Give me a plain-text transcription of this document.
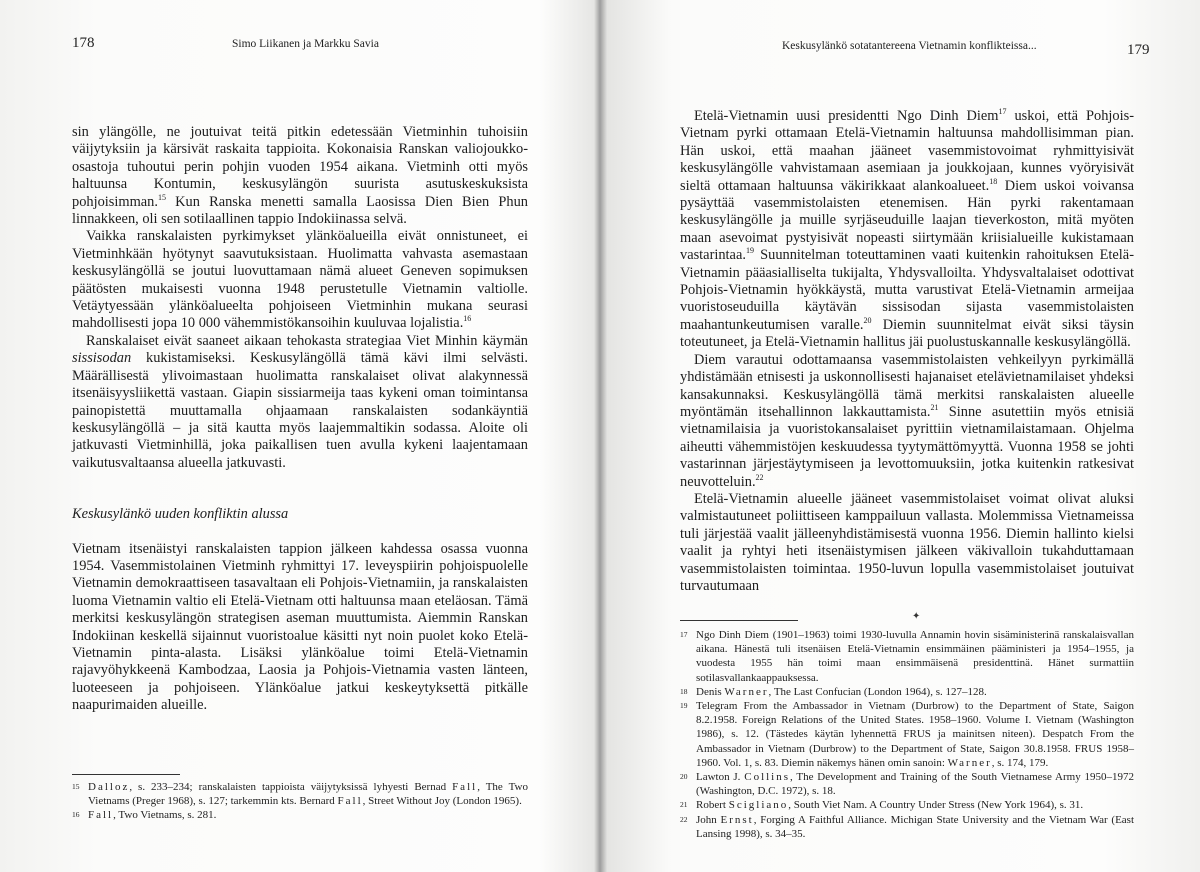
178	Simo Liikanen ja Markku Savia

sin ylängölle, ne joutuivat teitä pitkin edetessään Vietminhin tuhoisiin väijytyksiin ja kärsivät raskaita tappioita. Kokonaisia Ranskan valiojoukko-osastoja tuhoutui perin pohjin vuoden 1954 aikana. Vietminh otti myös haltuunsa Kontumin, keskusylängön suurista asutuskeskuksista pohjoisimman.$^{15}$ Kun Ranska menetti samalla Laosissa Dien Bien Phun linnakkeen, oli sen sotilaallinen tappio Indokiinassa selvä.

Vaikka ranskalaisten pyrkimykset ylänköalueilla eivät onnistuneet, ei Vietminhkään hyötynyt saavutuksistaan. Huolimatta vahvasta asemastaan keskusylängöllä se joutui luovuttamaan nämä alueet Geneven sopimuksen päätösten mukaisesti vuonna 1948 perustetulle Vietnamin valtiolle. Vetäytyessään ylänköalueelta pohjoiseen Vietminhin mukana seurasi mahdollisesti jopa 10 000 vähemmistökansoihin kuuluvaa lojalistia.$^{16}$

Ranskalaiset eivät saaneet aikaan tehokasta strategiaa Viet Minhin käymän sissisodan kukistamiseksi. Keskusylängöllä tämä kävi ilmi selvästi. Määrällisestä ylivoimastaan huolimatta ranskalaiset olivat alakynnessä itsenäisyysliikettä vastaan. Giapin sissiarmeija taas kykeni oman toimintansa painopistettä muuttamalla ohjaamaan ranskalaisten sodankäyntiä keskusylängöllä – ja sitä kautta myös laajemmaltikin sodassa. Aloite oli jatkuvasti Vietminhillä, joka paikallisen tuen avulla kykeni laajentamaan vaikutusvaltaansa alueella jatkuvasti.

Keskusylänkö uuden konfliktin alussa

Vietnam itsenäistyi ranskalaisten tappion jälkeen kahdessa osassa vuonna 1954. Vasemmistolainen Vietminh ryhmittyi 17. leveyspiirin pohjoispuolelle Vietnamin demokraattiseen tasavaltaan eli Pohjois-Vietnamiin, ja ranskalaisten luoma Vietnamin valtio eli Etelä-Vietnam otti haltuunsa maan eteläosan. Tämä merkitsi keskusylängön strategisen aseman muuttumista. Aiemmin Ranskan Indokiinan keskellä sijainnut vuoristoalue käsitti nyt noin puolet koko Etelä-Vietnamin pinta-alasta. Lisäksi ylänköalue toimi Etelä-Vietnamin rajavyöhykkeenä Kambodzaa, Laosia ja Pohjois-Vietnamia vasten länteen, luoteeseen ja pohjoiseen. Ylänköalue jatkui keskeytyksettä pitkälle naapurimaiden alueille.

15 Dalloz, s. 233–234; ranskalaisten tappioista väijytyksissä lyhyesti Bernad Fall, The Two Vietnams (Preger 1968), s. 127; tarkemmin kts. Bernard Fall, Street Without Joy (London 1965).
16 Fall, Two Vietnams, s. 281.
Keskusylänkö sotatantereena Vietnamin konflikteissa...	179

Etelä-Vietnamin uusi presidentti Ngo Dinh Diem$^{17}$ uskoi, että Pohjois-Vietnam pyrki ottamaan Etelä-Vietnamin haltuunsa mahdollisimman pian. Hän uskoi, että maahan jääneet vasemmistovoimat ryhmittyisivät keskusylängölle vahvistamaan asemiaan ja joukkojaan, kunnes vyöryisivät sieltä ottamaan haltuunsa väkirikkaat alankoalueet.$^{18}$ Diem uskoi voivansa pysäyttää vasemmistolaisten etenemisen. Hän pyrki rakentamaan keskusylängölle ja muille syrjäseuduille laajan tieverkoston, mitä myöten maan asevoimat pystyisivät nopeasti siirtymään kriisialueille kukistamaan vastarintaa.$^{19}$ Suunnitelman toteuttaminen vaati kuitenkin rahoituksen Etelä-Vietnamin pääasialliselta tukijalta, Yhdysvalloilta. Yhdysvaltalaiset odottivat Pohjois-Vietnamin hyökkäystä, mutta varustivat Etelä-Vietnamin armeijaa vuoristoseuduilla käytävän sissisodan sijasta vasemmistolaisten maahantunkeutumisen varalle.$^{20}$ Diemin suunnitelmat eivät siksi täysin toteutuneet, ja Etelä-Vietnamin hallitus jäi puolustuskannalle keskusylängöllä.

Diem varautui odottamaansa vasemmistolaisten vehkeilyyn pyrkimällä yhdistämään etnisesti ja uskonnollisesti hajanaiset etelävietnamilaiset yhdeksi kansakunnaksi. Keskusylängöllä tämä merkitsi ranskalaisten alueelle myöntämän itsehallinnon lakkauttamista.$^{21}$ Sinne asutettiin myös etnisiä vietnamilaisia ja vuoristokansalaiset pyrittiin vietnamilaistamaan. Ohjelma aiheutti vähemmistöjen keskuudessa tyytymättömyyttä. Vuonna 1958 se johti vastarinnan järjestäytymiseen ja levottomuuksiin, jotka kuitenkin ratkesivat neuvotteluin.$^{22}$

Etelä-Vietnamin alueelle jääneet vasemmistolaiset voimat olivat aluksi valmistautuneet poliittiseen kamppailuun vallasta. Molemmissa Vietnameissa tuli järjestää vaalit jälleenyhdistämisestä vuonna 1956. Diemin hallinto kielsi vaalit ja ryhtyi heti itsenäistymisen jälkeen väkivalloin tukahduttamaan vasemmistolaisten toimintaa. 1950-luvun lopulla vasemmistolaiset joutuivat turvautumaan

✦
17 Ngo Dinh Diem (1901–1963) toimi 1930-luvulla Annamin hovin sisäministerinä ranskalaisvallan aikana. Hänestä tuli itsenäisen Etelä-Vietnamin ensimmäinen pääministeri ja 1954–1955, ja vuodesta 1955 hän toimi maan ensimmäisenä presidenttinä. Hänet surmattiin sotilasvallankaappauksessa.
18 Denis Warner, The Last Confucian (London 1964), s. 127–128.
19 Telegram From the Ambassador in Vietnam (Durbrow) to the Department of State, Saigon 8.2.1958. Foreign Relations of the United States. 1958–1960. Volume I. Vietnam (Washington 1986), s. 12. (Tästedes käytän lyhennettä FRUS ja mainitsen niteen). Despatch From the Ambassador in Vietnam (Durbrow) to the Department of State, Saigon 30.8.1958. FRUS 1958–1960. Vol. 1, s. 83. Diemin näkemys hänen omin sanoin: Warner, s. 174, 179.
20 Lawton J. Collins, The Development and Training of the South Vietnamese Army 1950–1972 (Washington, D.C. 1972), s. 18.
21 Robert Scigliano, South Viet Nam. A Country Under Stress (New York 1964), s. 31.
22 John Ernst, Forging A Faithful Alliance. Michigan State University and the Vietnam War (East Lansing 1998), s. 34–35.
